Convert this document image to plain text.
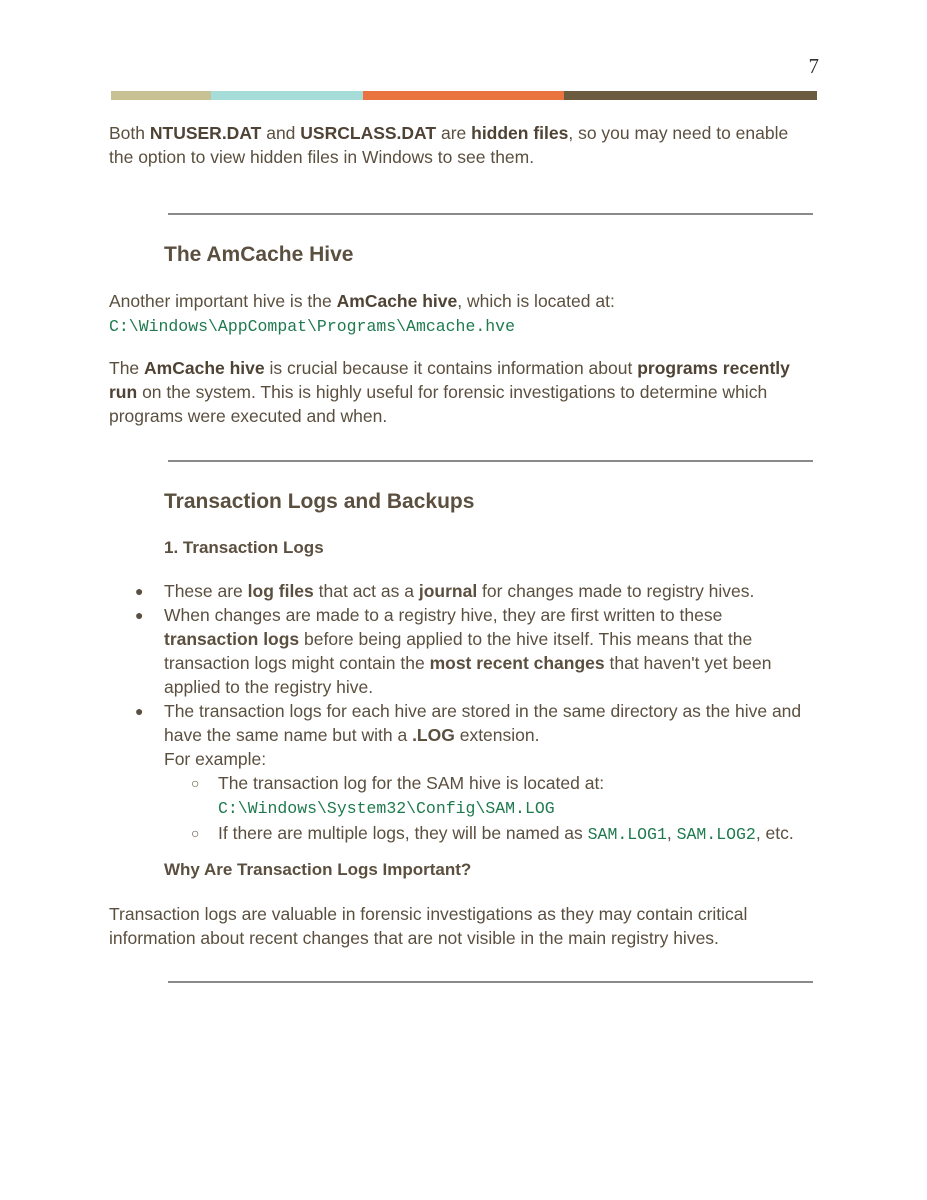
7

Both NTUSER.DAT and USRCLASS.DAT are hidden files, so you may need to enable the option to view hidden files in Windows to see them.

The AmCache Hive

Another important hive is the AmCache hive, which is located at:
C:\Windows\AppCompat\Programs\Amcache.hve

The AmCache hive is crucial because it contains information about programs recently run on the system. This is highly useful for forensic investigations to determine which programs were executed and when.

Transaction Logs and Backups
1. Transaction Logs
● These are log files that act as a journal for changes made to registry hives.
● When changes are made to a registry hive, they are first written to these transaction logs before being applied to the hive itself. This means that the transaction logs might contain the most recent changes that haven't yet been applied to the registry hive.
● The transaction logs for each hive are stored in the same directory as the hive and have the same name but with a .LOG extension.
For example:
○ The transaction log for the SAM hive is located at:
C:\Windows\System32\Config\SAM.LOG
○ If there are multiple logs, they will be named as SAM.LOG1, SAM.LOG2, etc.
Why Are Transaction Logs Important?

Transaction logs are valuable in forensic investigations as they may contain critical information about recent changes that are not visible in the main registry hives.
